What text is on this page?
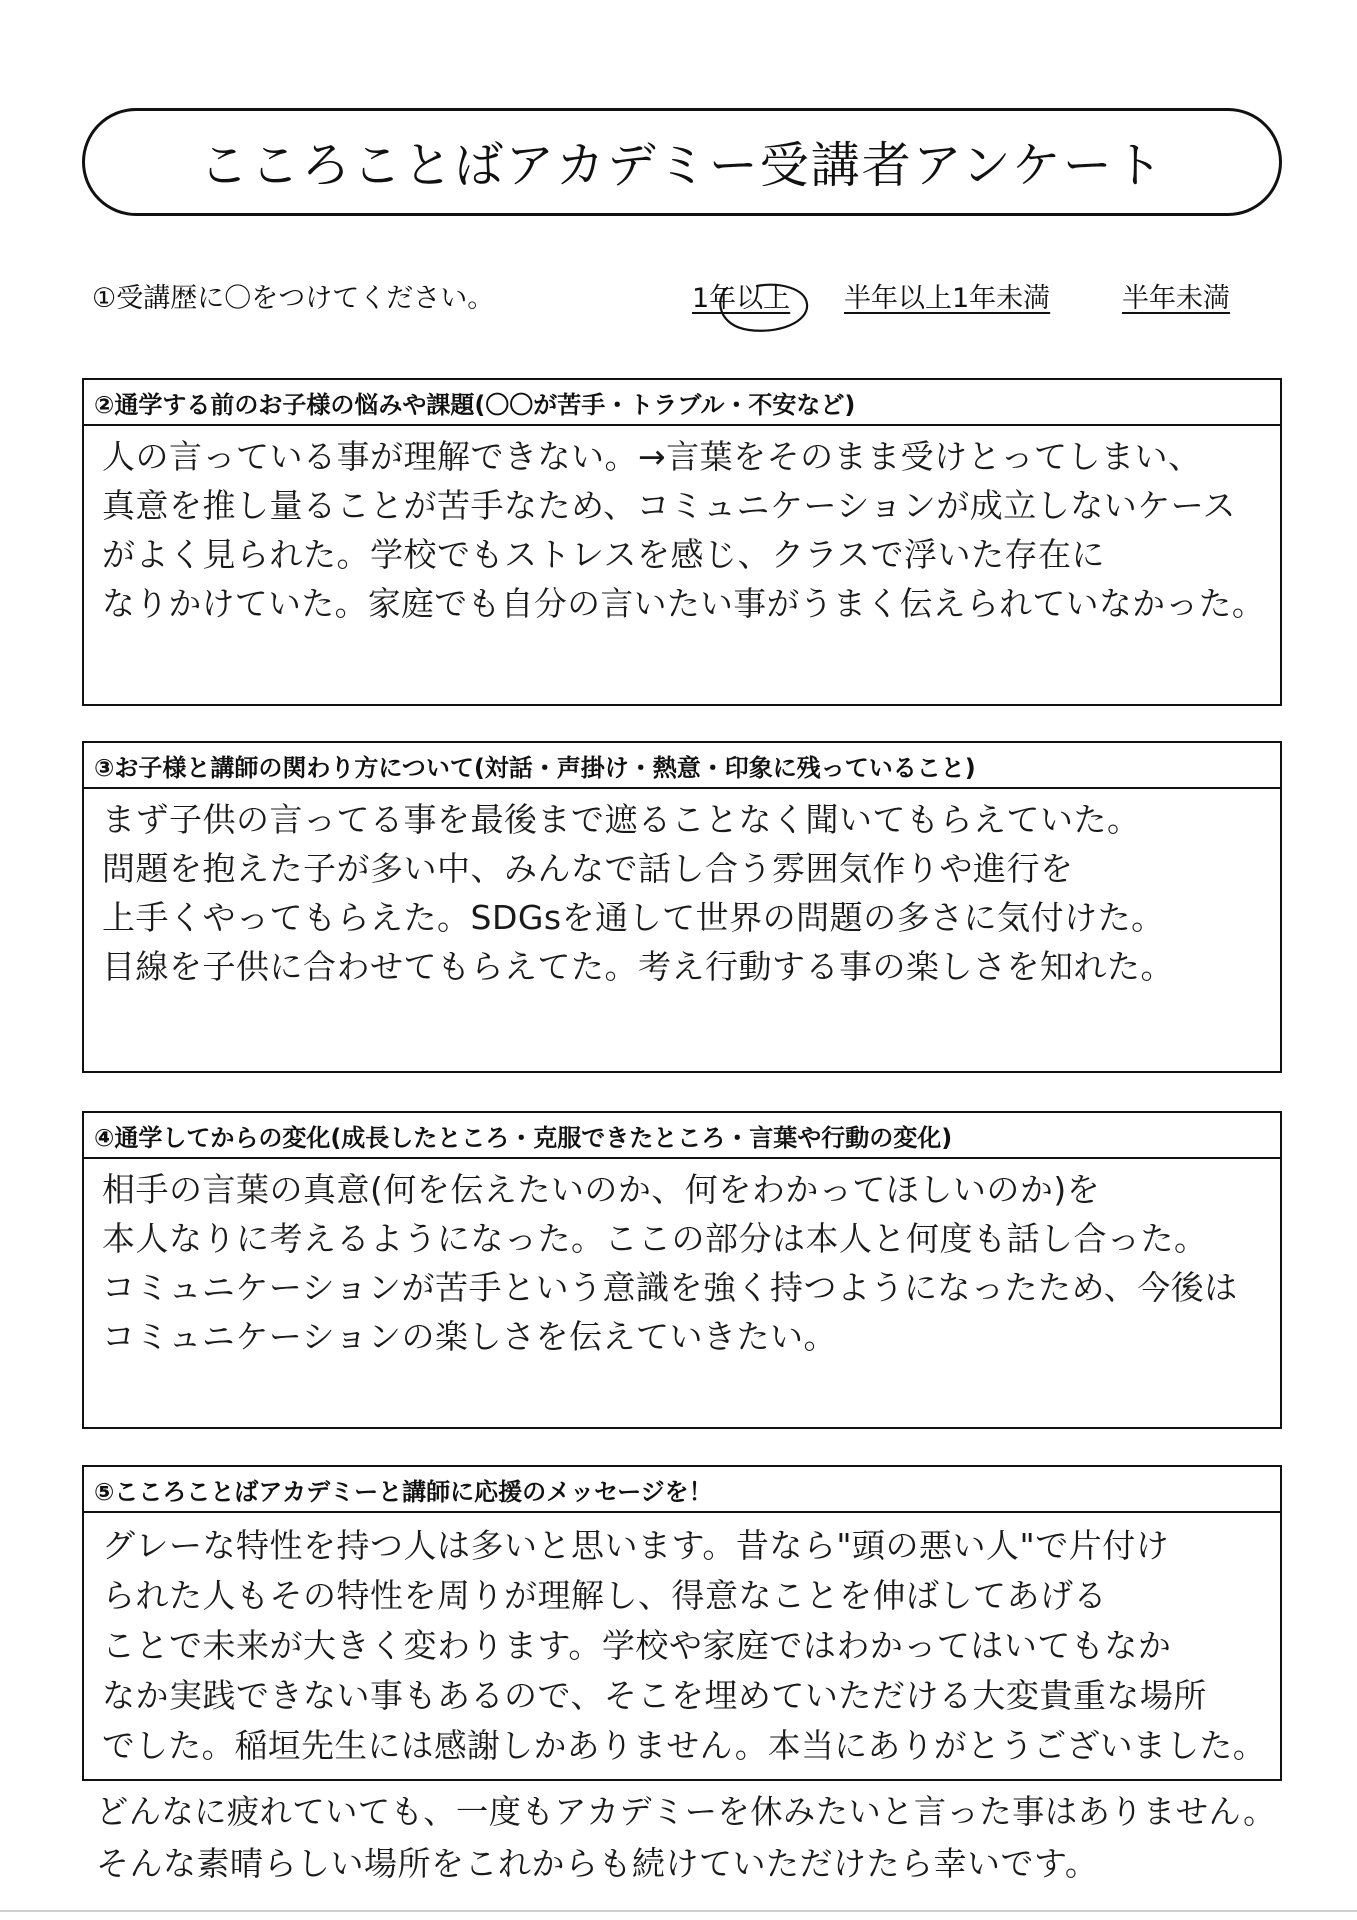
こころことばアカデミー受講者アンケート
①受講歴に〇をつけてください。	1年以上 半年以上1年未満	半年未満
②通学する前のお子様の悩みや課題(〇〇が苦手・トラブル・不安など)
人の言っている事が理解できない。→言葉をそのまま受けとってしまい、
真意を推し量ることが苦手なため、コミュニケーションが成立しないケース
がよく見られた。学校でもストレスを感じ、クラスで浮いた存在に
なりかけていた。家庭でも自分の言いたい事がうまく伝えられていなかった。
③お子様と講師の関わり方について(対話・声掛け・熱意・印象に残っていること)
まず子供の言ってる事を最後まで遮ることなく聞いてもらえていた。
問題を抱えた子が多い中、みんなで話し合う雰囲気作りや進行を
上手くやってもらえた。SDGsを通して世界の問題の多さに気付けた。
目線を子供に合わせてもらえてた。考え行動する事の楽しさを知れた。
④通学してからの変化(成長したところ・克服できたところ・言葉や行動の変化)
相手の言葉の真意(何を伝えたいのか、何をわかってほしいのか)を
本人なりに考えるようになった。ここの部分は本人と何度も話し合った。
コミュニケーションが苦手という意識を強く持つようになったため、今後は
コミュニケーションの楽しさを伝えていきたい。
⑤こころことばアカデミーと講師に応援のメッセージを！
グレーな特性を持つ人は多いと思います。昔なら"頭の悪い人"で片付け
られた人もその特性を周りが理解し、得意なことを伸ばしてあげる
ことで未来が大きく変わります。学校や家庭ではわかってはいてもなか
なか実践できない事もあるので、そこを埋めていただける大変貴重な場所
でした。稲垣先生には感謝しかありません。本当にありがとうございました。
どんなに疲れていても、一度もアカデミーを休みたいと言った事はありません。
そんな素晴らしい場所をこれからも続けていただけたら幸いです。
